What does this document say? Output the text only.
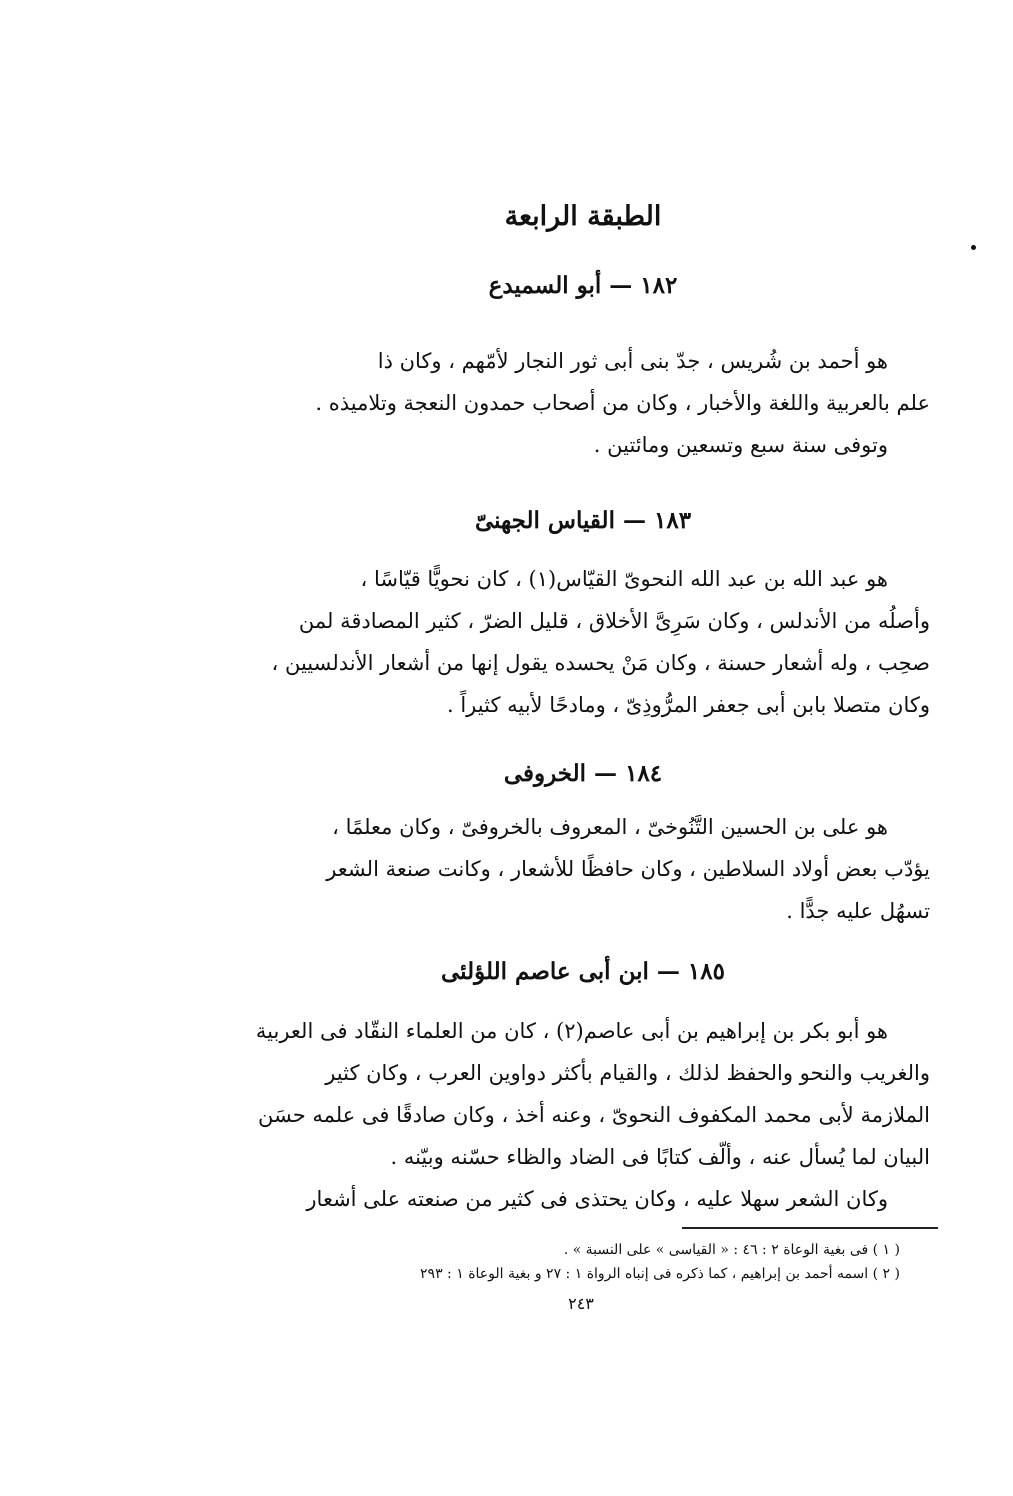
الطبقة الرابعة
١٨٢ — أبو السميدع
هو أحمد بن شُريس ، جدّ بنى أبى ثور النجار لأمّهم ، وكان ذا
علم بالعربية واللغة والأخبار ، وكان من أصحاب حمدون النعجة وتلاميذه .
وتوفى سنة سبع وتسعين ومائتين .
١٨٣ — القياس الجهنىّ
هو عبد الله بن عبد الله النحوىّ القيّاس(١) ، كان نحويًّا قيّاسًا ،
وأصلُه من الأندلس ، وكان سَرِىَّ الأخلاق ، قليل الضرّ ، كثير المصادقة لمن
صحِب ، وله أشعار حسنة ، وكان مَنْ يحسده يقول إنها من أشعار الأندلسيين ،
وكان متصلا بابن أبى جعفر المرُّوذِىّ ، ومادحًا لأبيه كثيراً .
١٨٤ — الخروفى
هو على بن الحسين التَّنُوخىّ ، المعروف بالخروفىّ ، وكان معلمًا ،
يؤدّب بعض أولاد السلاطين ، وكان حافظًا للأشعار ، وكانت صنعة الشعر
تسهُل عليه جدًّا .
١٨٥ — ابن أبى عاصم اللؤلئى
هو أبو بكر بن إبراهيم بن أبى عاصم(٢) ، كان من العلماء النقّاد فى العربية
والغريب والنحو والحفظ لذلك ، والقيام بأكثر دواوين العرب ، وكان كثير
الملازمة لأبى محمد المكفوف النحوىّ ، وعنه أخذ ، وكان صادقًا فى علمه حسَن
البيان لما يُسأل عنه ، وألّف كتابًا فى الضاد والظاء حسّنه وبيّنه .
وكان الشعر سهلا عليه ، وكان يحتذى فى كثير من صنعته على أشعار
( ١ ) فى بغية الوعاة ٢ : ٤٦ : « القياسى » على النسبة » .
( ٢ ) اسمه أحمد بن إبراهيم ، كما ذكره فى إنباه الرواة ١ : ٢٧ و بغية الوعاة ١ : ٢٩٣
٢٤٣
